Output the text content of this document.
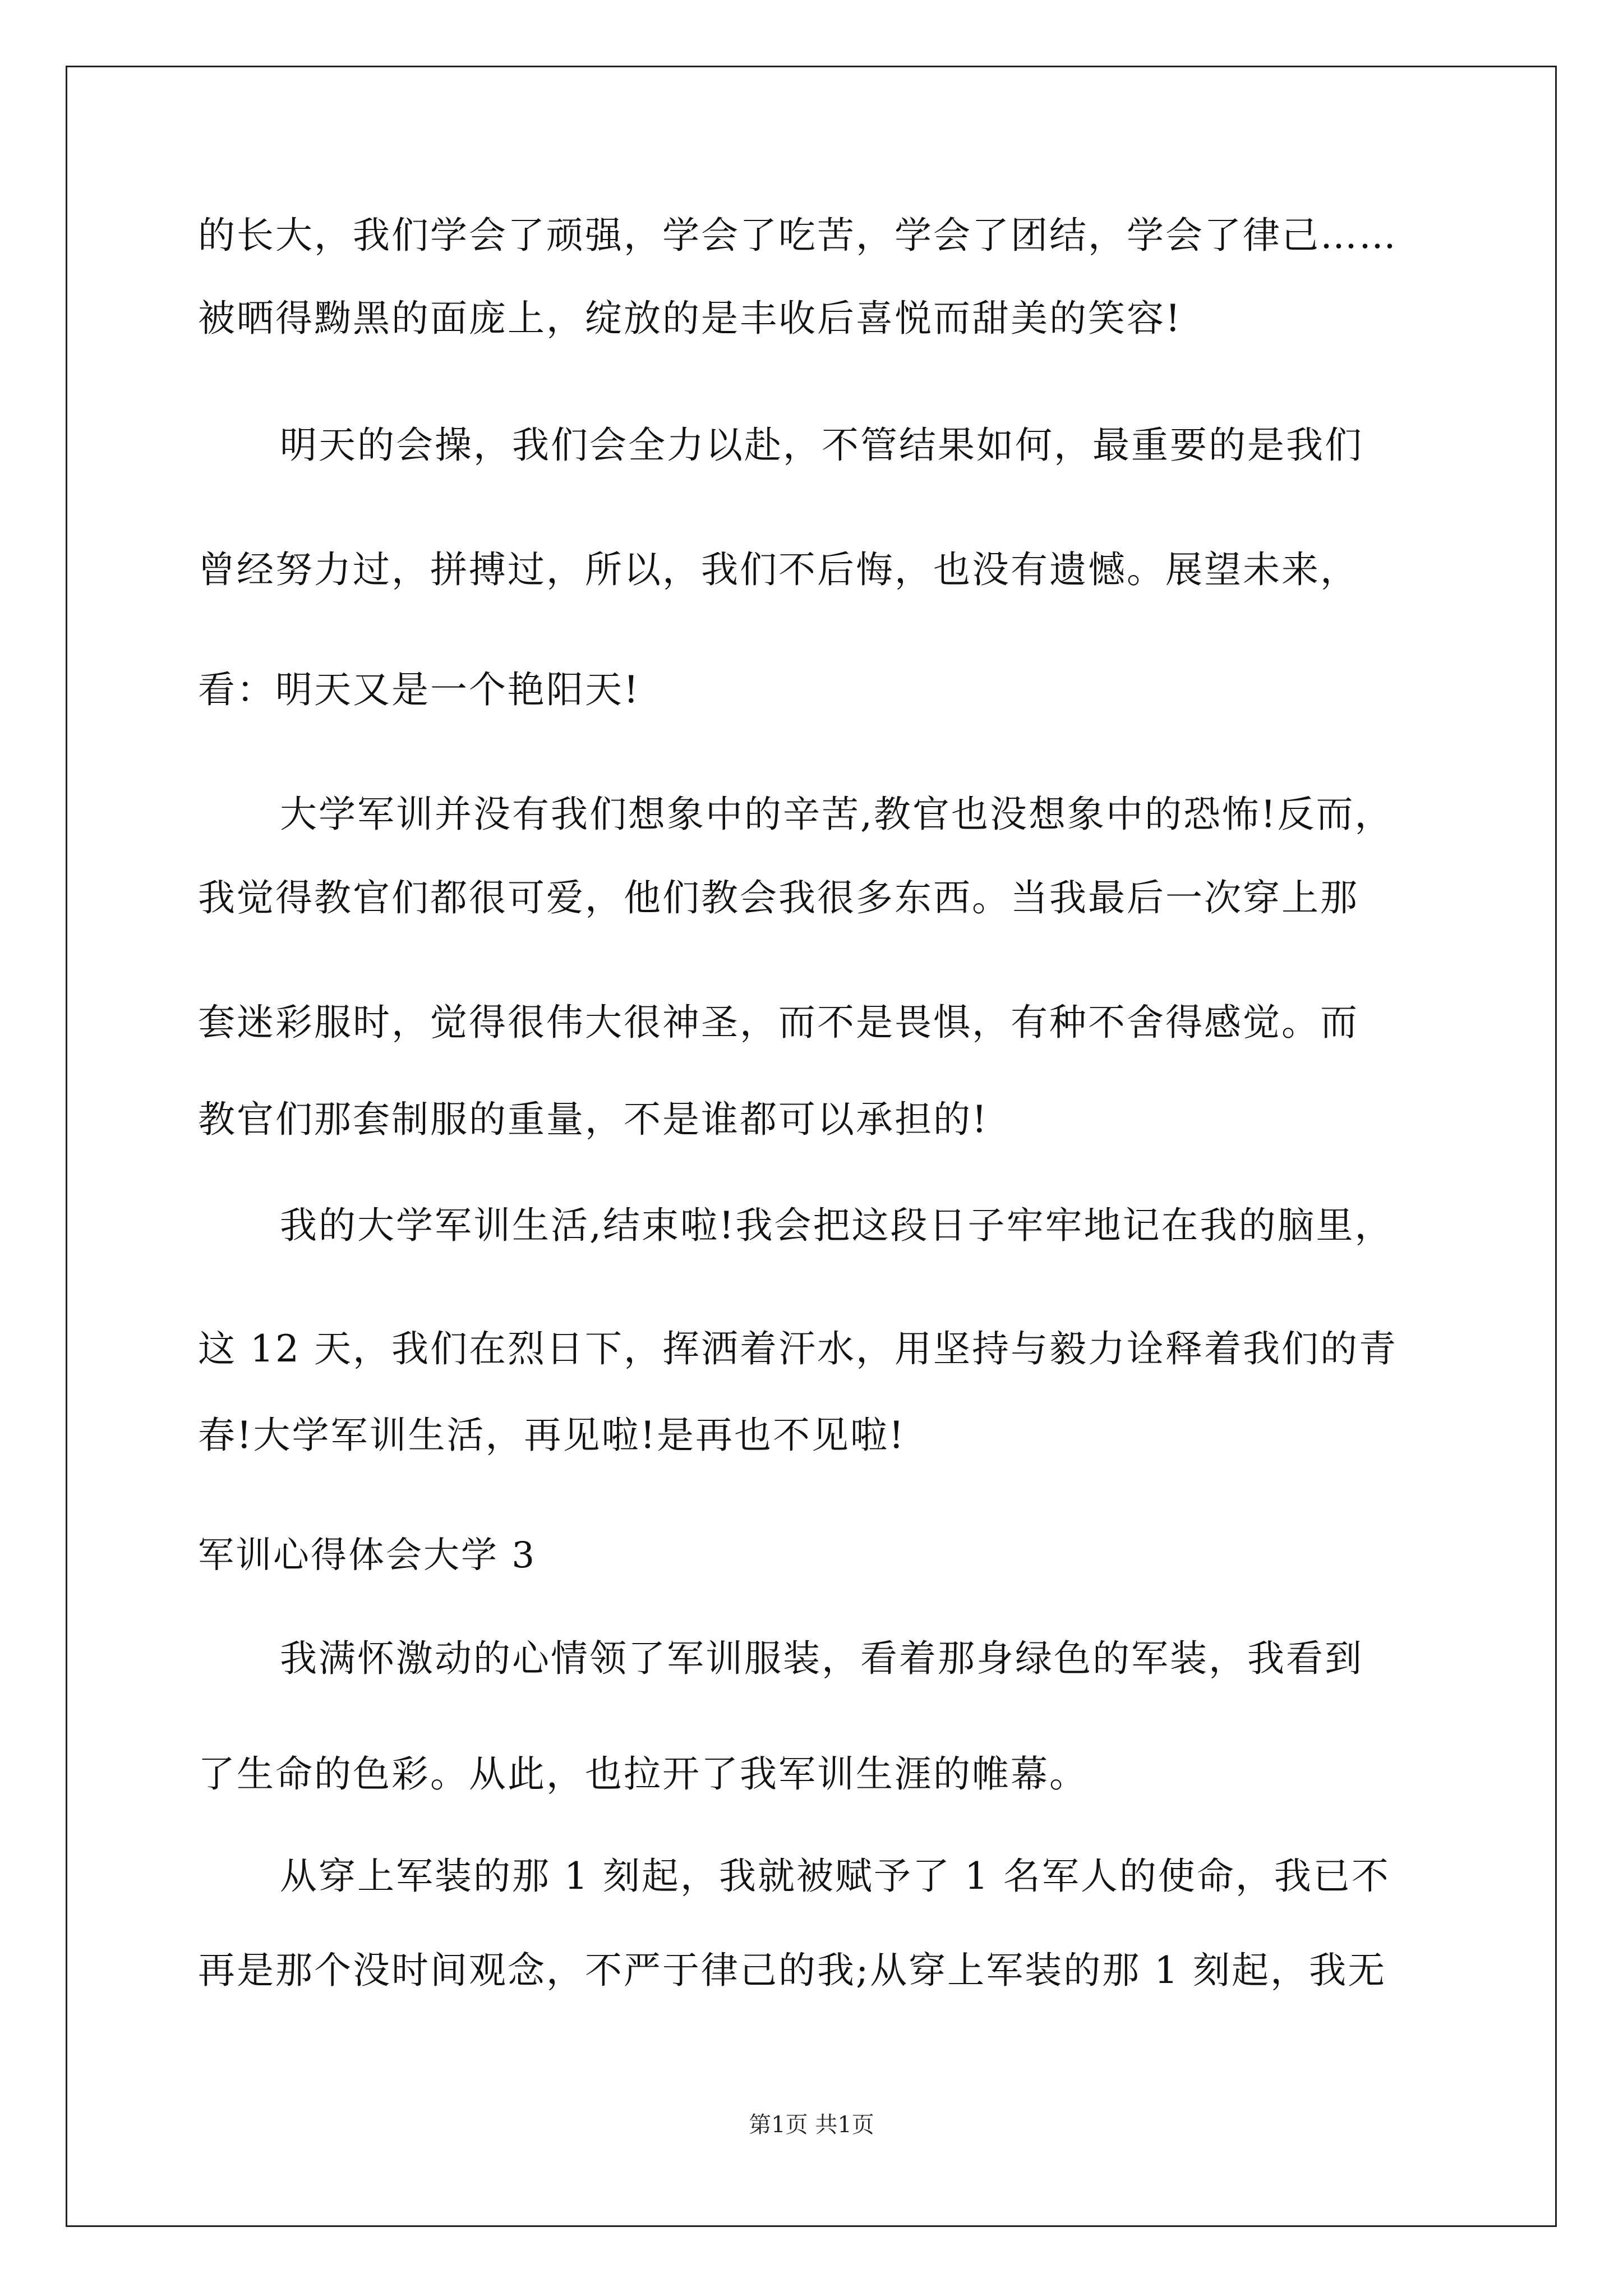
的长大，我们学会了顽强，学会了吃苦，学会了团结，学会了律己……
被晒得黝黑的面庞上，绽放的是丰收后喜悦而甜美的笑容!
明天的会操，我们会全力以赴，不管结果如何，最重要的是我们
曾经努力过，拼搏过，所以，我们不后悔，也没有遗憾。展望未来，
看：明天又是一个艳阳天!
大学军训并没有我们想象中的辛苦,教官也没想象中的恐怖!反而，
我觉得教官们都很可爱，他们教会我很多东西。当我最后一次穿上那
套迷彩服时，觉得很伟大很神圣，而不是畏惧，有种不舍得感觉。而
教官们那套制服的重量，不是谁都可以承担的!
我的大学军训生活,结束啦!我会把这段日子牢牢地记在我的脑里，
这 12 天，我们在烈日下，挥洒着汗水，用坚持与毅力诠释着我们的青
春!大学军训生活，再见啦!是再也不见啦!
军训心得体会大学 3
我满怀激动的心情领了军训服装，看着那身绿色的军装，我看到
了生命的色彩。从此，也拉开了我军训生涯的帷幕。
从穿上军装的那 1 刻起，我就被赋予了 1 名军人的使命，我已不
再是那个没时间观念，不严于律己的我;从穿上军装的那 1 刻起，我无
第1页 共1页
